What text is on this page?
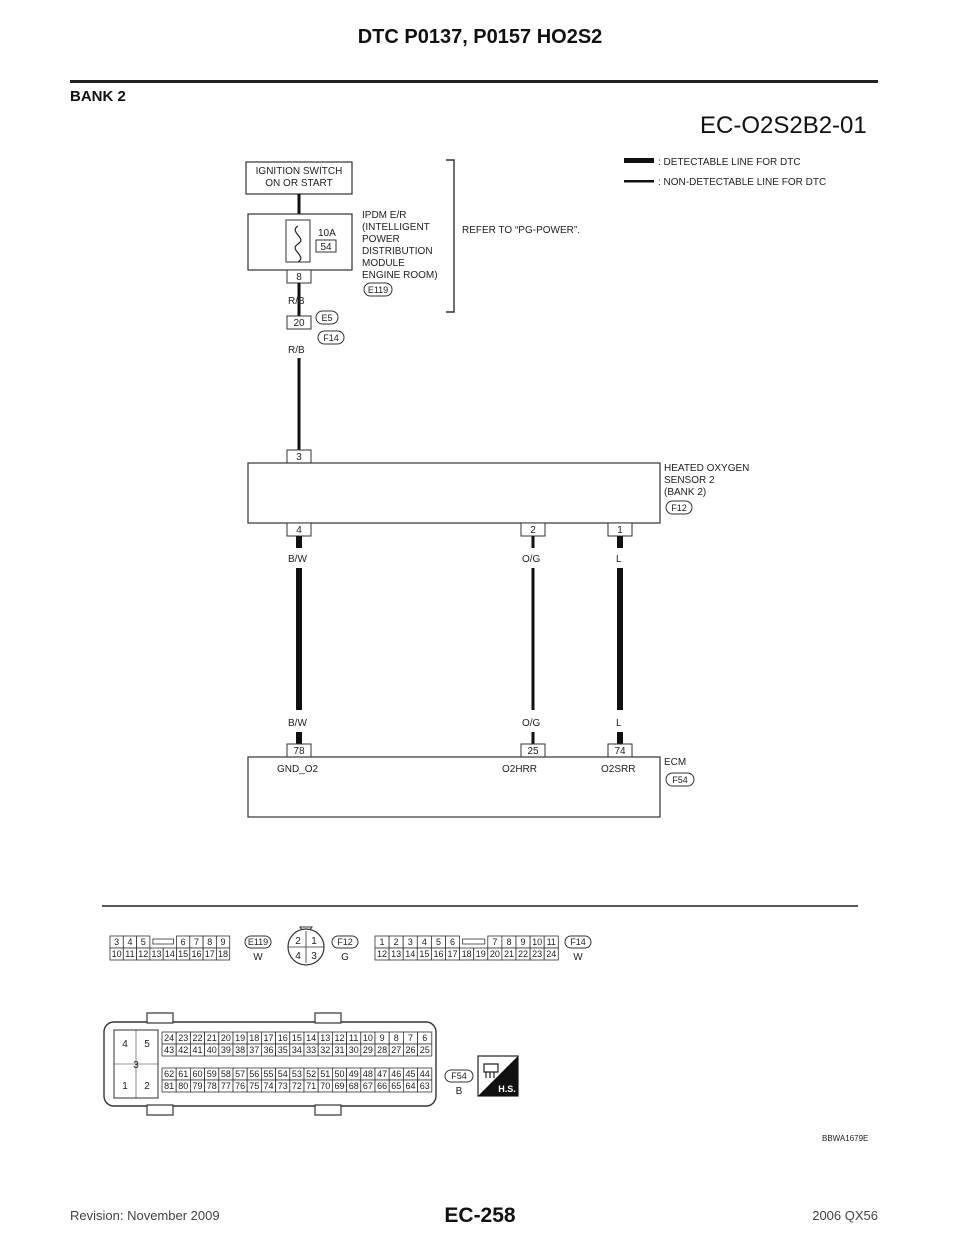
DTC P0137, P0157 HO2S2
BANK 2
EC-O2S2B2-01
: DETECTABLE LINE FOR DTC
: NON-DETECTABLE LINE FOR DTC
IGNITION SWITCH
ON OR START
10A
54
8
IPDM E/R
(INTELLIGENT
POWER
DISTRIBUTION
MODULE
ENGINE ROOM)
E119
REFER TO “PG-POWER”.
R/B
20 E5
F14
R/B
3
HEATED OXYGEN
SENSOR 2
(BANK 2)
F12
4	2	1
B/W	O/G	L
B/W	O/G	L
78	25	74
GND_O2	O2HRR	O2SRR
ECM
F54
3 4 5	6 7 8 9
10 11 12 13 14 15 16 17 18
E119
W
2 1
4 3
F12
G
1 2 3 4 5 6	7 8 9 10 11
12 13 14 15 16 17 18 19 20 21 22 23 24
F14
W
4 5
3
1 2
24 23 22 21 20 19 18 17 16 15 14 13 12 11 10 9 8 7 6
43 42 41 40 39 38 37 36 35 34 33 32 31 30 29 28 27 26 25
62 61 60 59 58 57 56 55 54 53 52 51 50 49 48 47 46 45 44
81 80 79 78 77 76 75 74 73 72 71 70 69 68 67 66 65 64 63
F54
B	H.S.
BBWA1679E
Revision: November 2009	EC-258	2006 QX56
